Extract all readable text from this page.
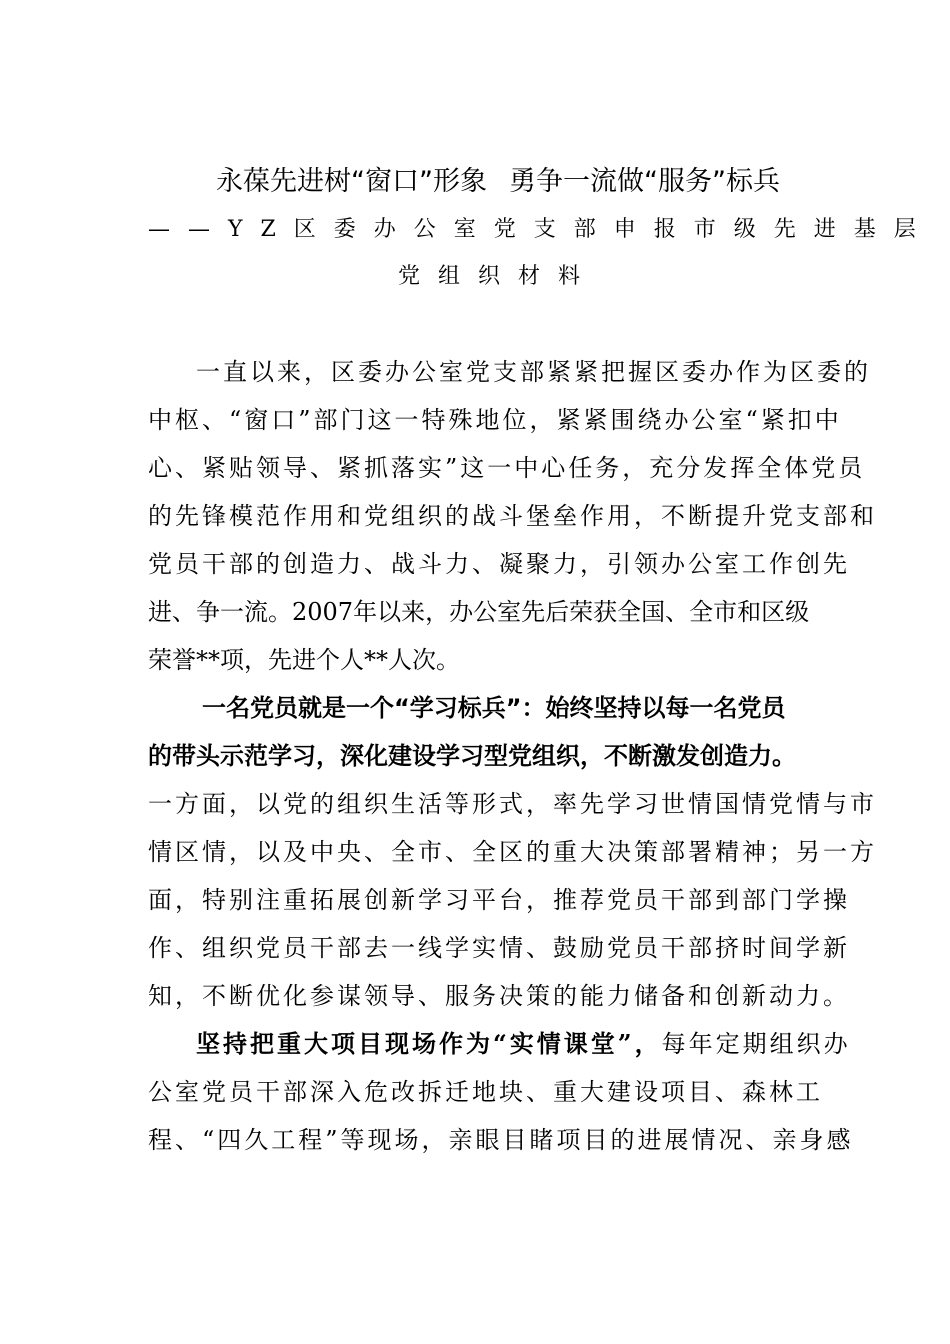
永葆先进树“窗口”形象 勇争一流做“服务”标兵
——YZ区委办公室党支部申报市级先进基层
党组织材料
一直以来，区委办公室党支部紧紧把握区委办作为区委的
中枢、“窗口”部门这一特殊地位，紧紧围绕办公室“紧扣中
心、紧贴领导、紧抓落实”这一中心任务，充分发挥全体党员
的先锋模范作用和党组织的战斗堡垒作用，不断提升党支部和
党员干部的创造力、战斗力、凝聚力，引领办公室工作创先
进、争一流。2007年以来，办公室先后荣获全国、全市和区级
荣誉**项，先进个人**人次。
一名党员就是一个“学习标兵”：始终坚持以每一名党员
的带头示范学习，深化建设学习型党组织，不断激发创造力。
一方面，以党的组织生活等形式，率先学习世情国情党情与市
情区情，以及中央、全市、全区的重大决策部署精神；另一方
面，特别注重拓展创新学习平台，推荐党员干部到部门学操
作、组织党员干部去一线学实情、鼓励党员干部挤时间学新
知，不断优化参谋领导、服务决策的能力储备和创新动力。
坚持把重大项目现场作为“实情课堂”，每年定期组织办
公室党员干部深入危改拆迁地块、重大建设项目、森林工
程、“四久工程”等现场，亲眼目睹项目的进展情况、亲身感
